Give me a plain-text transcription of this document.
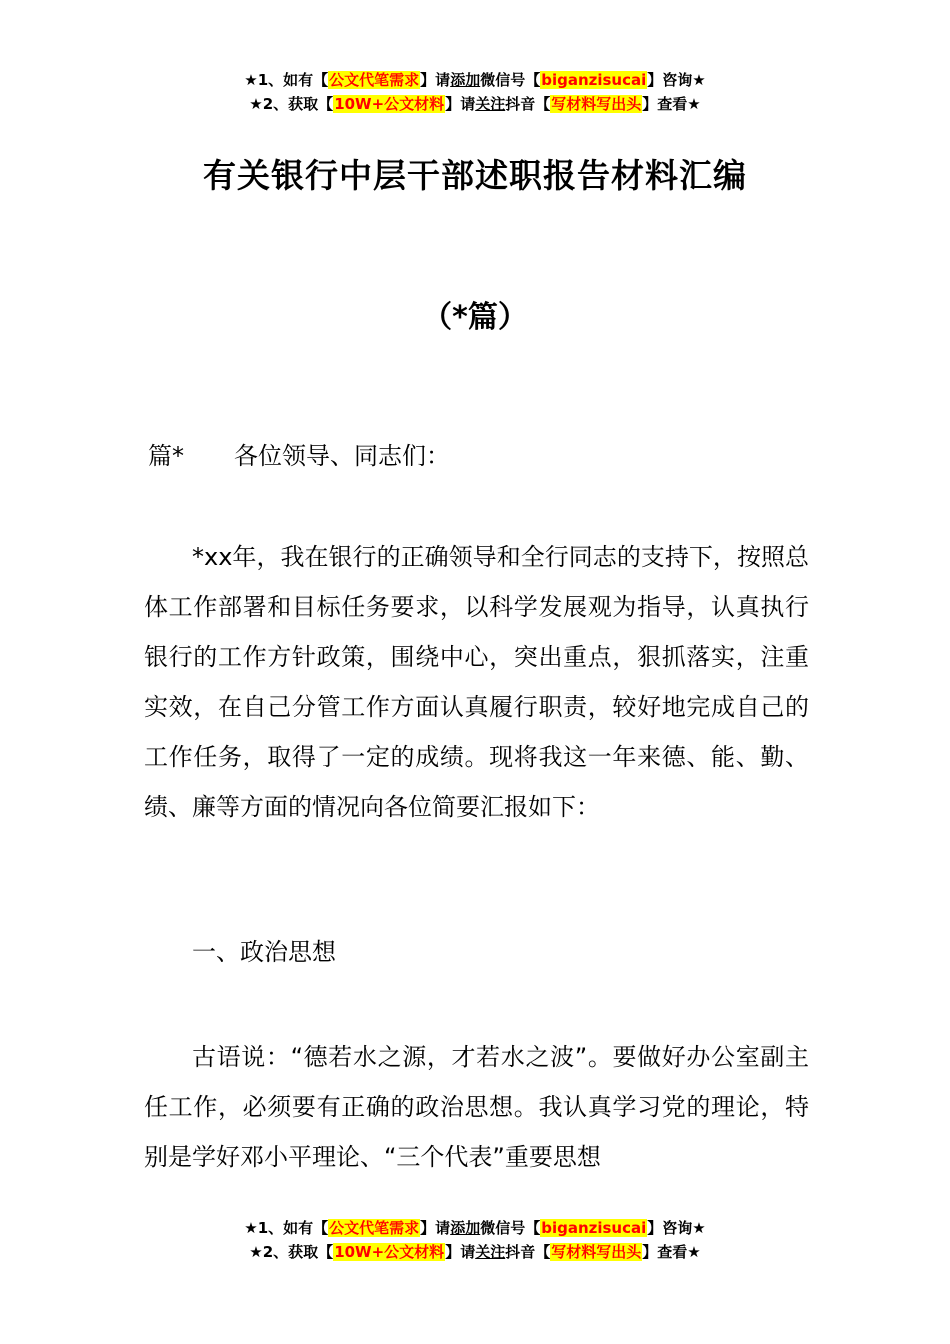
★1、如有【公文代笔需求】请添加微信号【biganzisucai】咨询★
★2、获取【10W+公文材料】请关注抖音【写材料写出头】查看★
有关银行中层干部述职报告材料汇编
（*篇）
篇* 各位领导、同志们：
*xx年，我在银行的正确领导和全行同志的支持下，按照总体工作部署和目标任务要求，以科学发展观为指导，认真执行银行的工作方针政策，围绕中心，突出重点，狠抓落实，注重实效，在自己分管工作方面认真履行职责，较好地完成自己的工作任务，取得了一定的成绩。现将我这一年来德、能、勤、绩、廉等方面的情况向各位简要汇报如下：
一、政治思想
古语说：“德若水之源，才若水之波”。要做好办公室副主任工作，必须要有正确的政治思想。我认真学习党的理论，特别是学好邓小平理论、“三个代表”重要思想
★1、如有【公文代笔需求】请添加微信号【biganzisucai】咨询★
★2、获取【10W+公文材料】请关注抖音【写材料写出头】查看★
